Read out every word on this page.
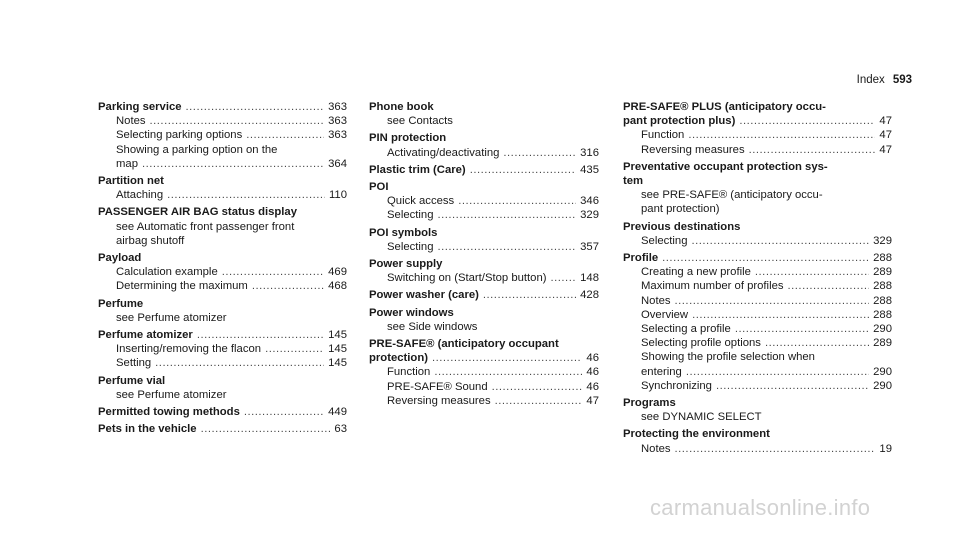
Index 593
Parking service .....	363
Notes .....	363
Selecting parking options .....	363
Showing a parking option on the
map .....	364
Partition net
Attaching .....	110
PASSENGER AIR BAG status display
see Automatic front passenger front
airbag shutoff
Payload
Calculation example .....	469
Determining the maximum .....	468
Perfume
see Perfume atomizer
Perfume atomizer .....	145
Inserting/removing the flacon .....	145
Setting .....	145
Perfume vial
see Perfume atomizer
Permitted towing methods .....	449
Pets in the vehicle .....	63
Phone book
see Contacts
PIN protection
Activating/deactivating .....	316
Plastic trim (Care) .....	435
POI
Quick access .....	346
Selecting .....	329
POI symbols
Selecting .....	357
Power supply
Switching on (Start/Stop button) .....	148
Power washer (care) .....	428
Power windows
see Side windows
PRE-SAFE® (anticipatory occupant
protection) .....	46
Function .....	46
PRE-SAFE® Sound .....	46
Reversing measures .....	47
PRE-SAFE® PLUS (anticipatory occu-
pant protection plus) .....	47
Function .....	47
Reversing measures .....	47
Preventative occupant protection sys-
tem
see PRE-SAFE® (anticipatory occu-
pant protection)
Previous destinations
Selecting .....	329
Profile .....	288
Creating a new profile .....	289
Maximum number of profiles .....	288
Notes .....	288
Overview .....	288
Selecting a profile .....	290
Selecting profile options .....	289
Showing the profile selection when
entering .....	290
Synchronizing .....	290
Programs
see DYNAMIC SELECT
Protecting the environment
Notes .....	19
carmanualsonline.info
